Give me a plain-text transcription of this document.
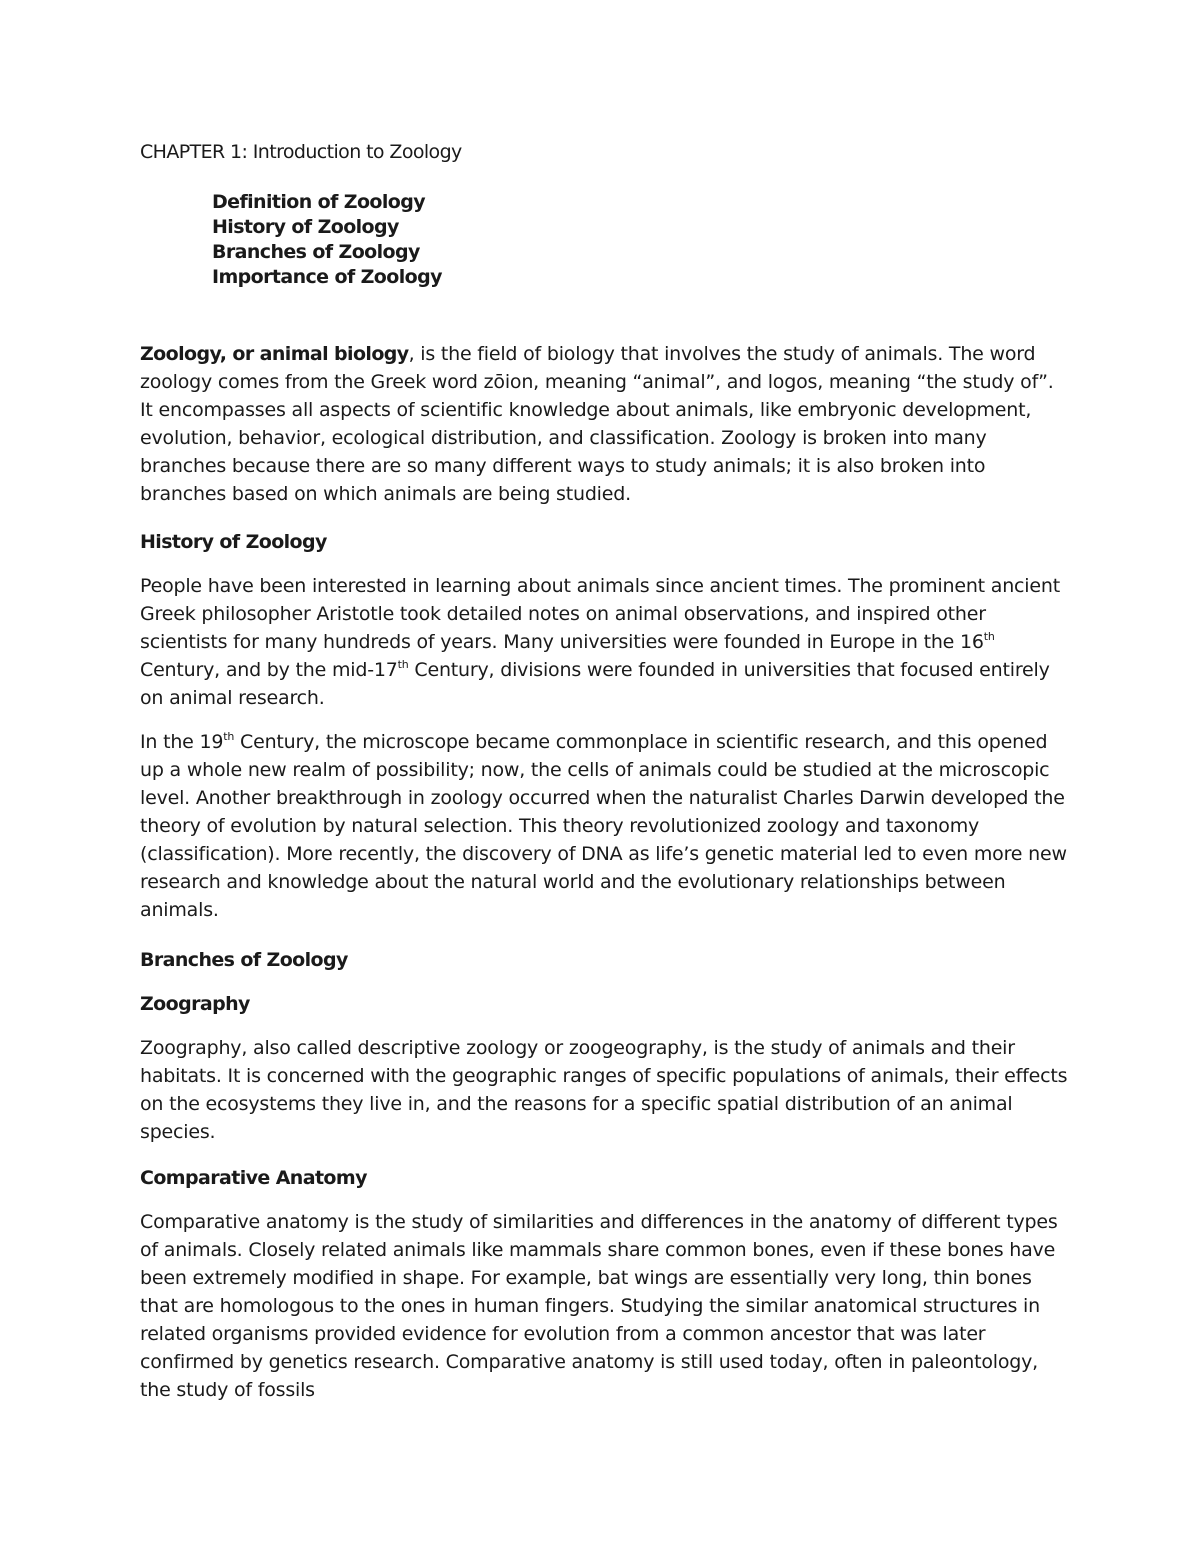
CHAPTER 1: Introduction to Zoology
Definition of Zoology
History of Zoology
Branches of Zoology
Importance of Zoology

Zoology, or animal biology, is the field of biology that involves the study of animals. The word zoology comes from the Greek word zōion, meaning “animal”, and logos, meaning “the study of”. It encompasses all aspects of scientific knowledge about animals, like embryonic development, evolution, behavior, ecological distribution, and classification. Zoology is broken into many branches because there are so many different ways to study animals; it is also broken into branches based on which animals are being studied.

History of Zoology

People have been interested in learning about animals since ancient times. The prominent ancient Greek philosopher Aristotle took detailed notes on animal observations, and inspired other scientists for many hundreds of years. Many universities were founded in Europe in the 16th Century, and by the mid-17th Century, divisions were founded in universities that focused entirely on animal research.

In the 19th Century, the microscope became commonplace in scientific research, and this opened up a whole new realm of possibility; now, the cells of animals could be studied at the microscopic level. Another breakthrough in zoology occurred when the naturalist Charles Darwin developed the theory of evolution by natural selection. This theory revolutionized zoology and taxonomy (classification). More recently, the discovery of DNA as life’s genetic material led to even more new research and knowledge about the natural world and the evolutionary relationships between animals.

Branches of Zoology
Zoography

Zoography, also called descriptive zoology or zoogeography, is the study of animals and their habitats. It is concerned with the geographic ranges of specific populations of animals, their effects on the ecosystems they live in, and the reasons for a specific spatial distribution of an animal species.

Comparative Anatomy

Comparative anatomy is the study of similarities and differences in the anatomy of different types of animals. Closely related animals like mammals share common bones, even if these bones have been extremely modified in shape. For example, bat wings are essentially very long, thin bones that are homologous to the ones in human fingers. Studying the similar anatomical structures in related organisms provided evidence for evolution from a common ancestor that was later confirmed by genetics research. Comparative anatomy is still used today, often in paleontology, the study of fossils
